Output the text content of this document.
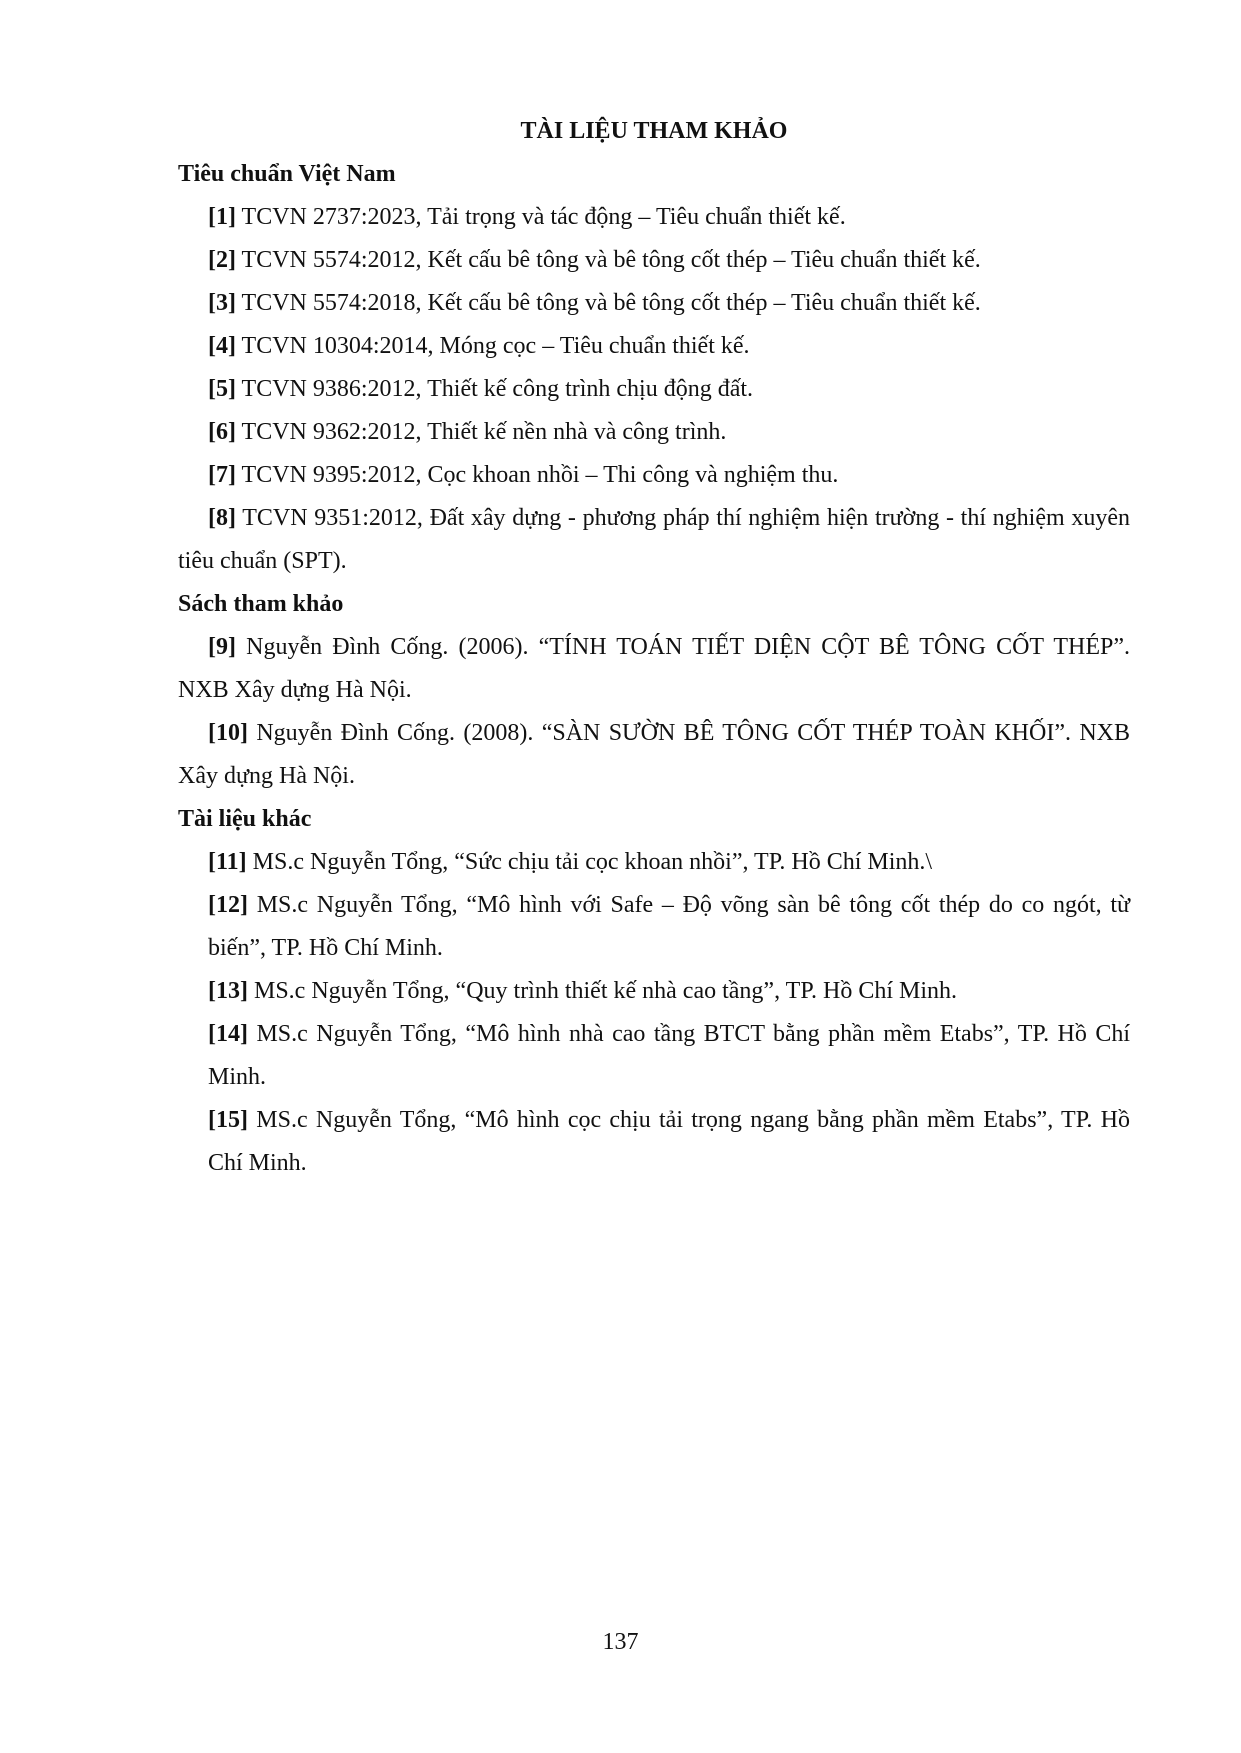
TÀI LIỆU THAM KHẢO
Tiêu chuẩn Việt Nam

[1] TCVN 2737:2023, Tải trọng và tác động – Tiêu chuẩn thiết kế.

[2] TCVN 5574:2012, Kết cấu bê tông và bê tông cốt thép – Tiêu chuẩn thiết kế.

[3] TCVN 5574:2018, Kết cấu bê tông và bê tông cốt thép – Tiêu chuẩn thiết kế.

[4] TCVN 10304:2014, Móng cọc – Tiêu chuẩn thiết kế.

[5] TCVN 9386:2012, Thiết kế công trình chịu động đất.

[6] TCVN 9362:2012, Thiết kế nền nhà và công trình.

[7] TCVN 9395:2012, Cọc khoan nhồi – Thi công và nghiệm thu.

[8] TCVN 9351:2012, Đất xây dựng - phương pháp thí nghiệm hiện trường - thí nghiệm xuyên tiêu chuẩn (SPT).

Sách tham khảo

[9] Nguyễn Đình Cống. (2006). “TÍNH TOÁN TIẾT DIỆN CỘT BÊ TÔNG CỐT THÉP”. NXB Xây dựng Hà Nội.

[10] Nguyễn Đình Cống. (2008). “SÀN SƯỜN BÊ TÔNG CỐT THÉP TOÀN KHỐI”. NXB Xây dựng Hà Nội.

Tài liệu khác

[11] MS.c Nguyễn Tổng, “Sức chịu tải cọc khoan nhồi”, TP. Hồ Chí Minh.\

[12] MS.c Nguyễn Tổng, “Mô hình với Safe – Độ võng sàn bê tông cốt thép do co ngót, từ biến”, TP. Hồ Chí Minh.

[13] MS.c Nguyễn Tổng, “Quy trình thiết kế nhà cao tầng”, TP. Hồ Chí Minh.

[14] MS.c Nguyễn Tổng, “Mô hình nhà cao tầng BTCT bằng phần mềm Etabs”, TP. Hồ Chí Minh.

[15] MS.c Nguyễn Tổng, “Mô hình cọc chịu tải trọng ngang bằng phần mềm Etabs”, TP. Hồ Chí Minh.

137
